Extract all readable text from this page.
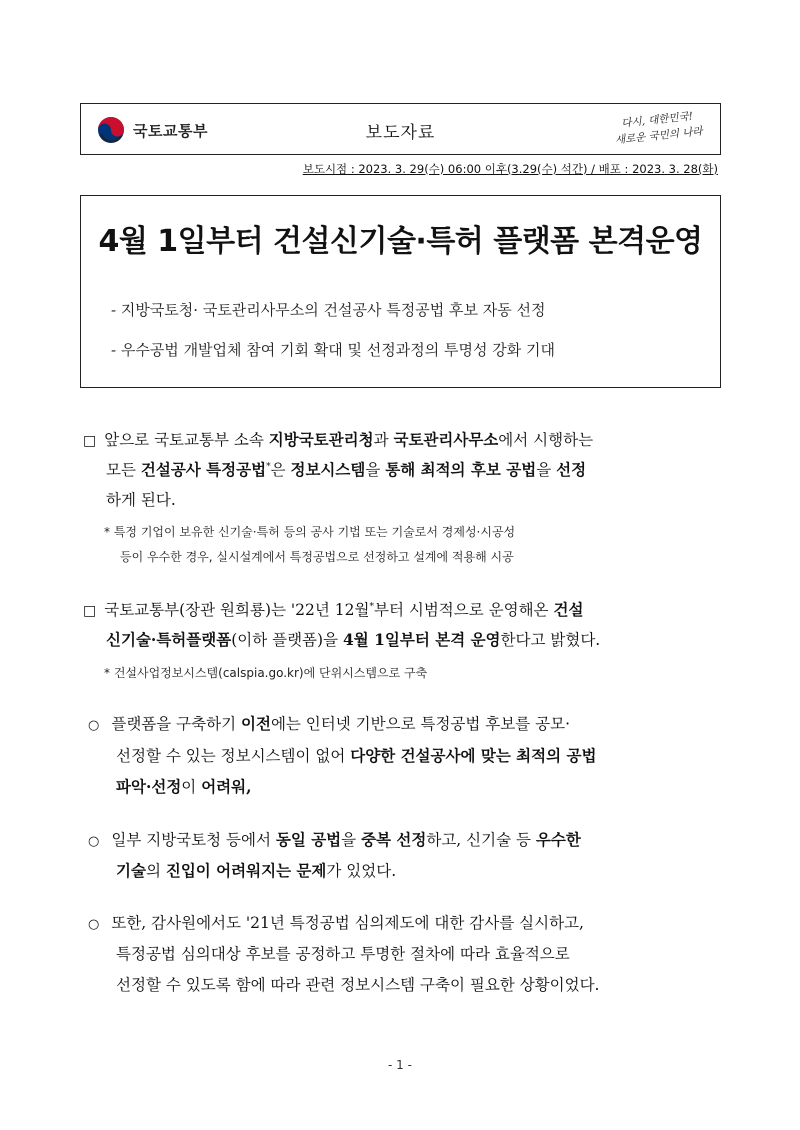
국토교통부	보도자료
다시, 대한민국!
새로운 국민의 나라
보도시점 : 2023. 3. 29(수) 06:00 이후(3.29(수) 석간) / 배포 : 2023. 3. 28(화)
4월 1일부터 건설신기술·특허 플랫폼 본격운영
- 지방국토청· 국토관리사무소의 건설공사 특정공법 후보 자동 선정
- 우수공법 개발업체 참여 기회 확대 및 선정과정의 투명성 강화 기대
□ 앞으로 국토교통부 소속 지방국토관리청과 국토관리사무소에서 시행하는
모든 건설공사 특정공법*은 정보시스템을 통해 최적의 후보 공법을 선정
하게 된다.
* 특정 기업이 보유한 신기술·특허 등의 공사 기법 또는 기술로서 경제성·시공성
등이 우수한 경우, 실시설계에서 특정공법으로 선정하고 설계에 적용해 시공
□ 국토교통부(장관 원희룡)는 '22년 12월*부터 시범적으로 운영해온 건설
신기술·특허플랫폼(이하 플랫폼)을 4월 1일부터 본격 운영한다고 밝혔다.
* 건설사업정보시스템(calspia.go.kr)에 단위시스템으로 구축
○ 플랫폼을 구축하기 이전에는 인터넷 기반으로 특정공법 후보를 공모·
선정할 수 있는 정보시스템이 없어 다양한 건설공사에 맞는 최적의 공법
파악·선정이 어려워,
○ 일부 지방국토청 등에서 동일 공법을 중복 선정하고, 신기술 등 우수한
기술의 진입이 어려워지는 문제가 있었다.
○ 또한, 감사원에서도 '21년 특정공법 심의제도에 대한 감사를 실시하고,
특정공법 심의대상 후보를 공정하고 투명한 절차에 따라 효율적으로
선정할 수 있도록 함에 따라 관련 정보시스템 구축이 필요한 상황이었다.
- 1 -
